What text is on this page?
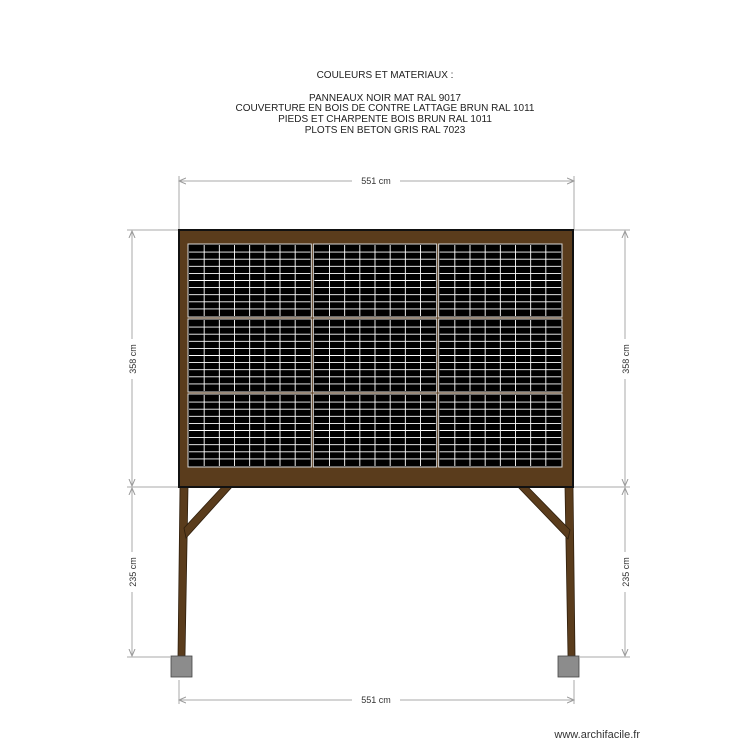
551 cm
551 cm
358 cm
235 cm
358 cm
235 cm
COULEURS ET MATERIAUX :
PANNEAUX NOIR MAT RAL 9017
COUVERTURE EN BOIS DE CONTRE LATTAGE BRUN RAL 1011
PIEDS ET CHARPENTE BOIS BRUN RAL 1011
PLOTS EN BETON GRIS RAL 7023
www.archifacile.fr
